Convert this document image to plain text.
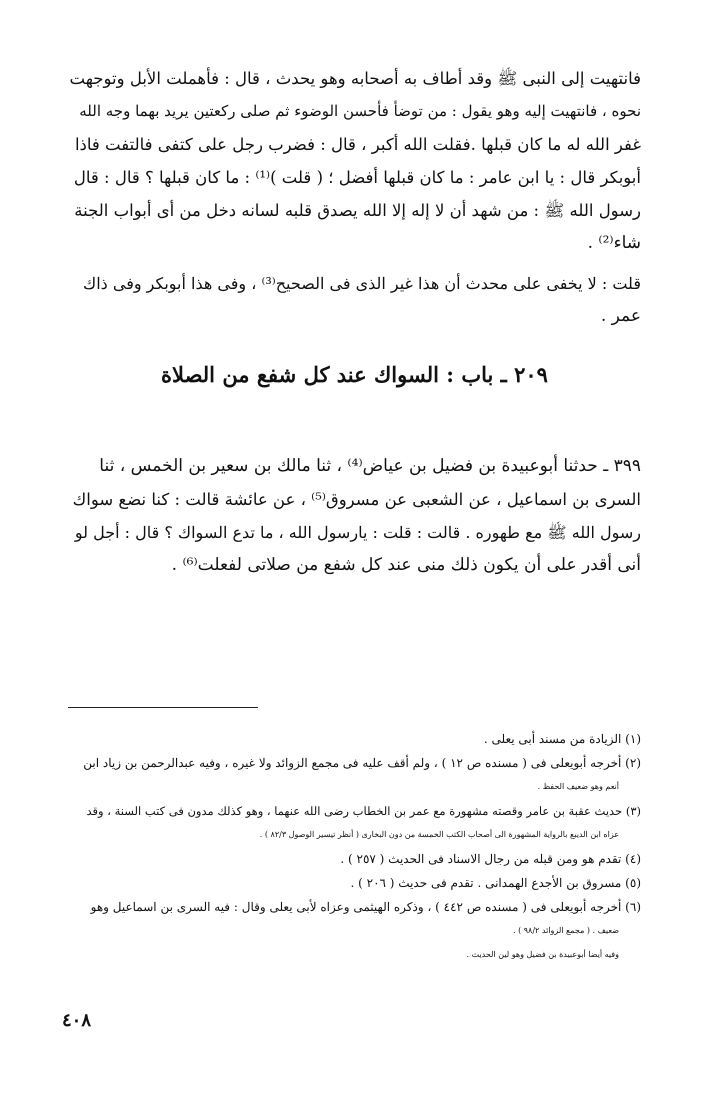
فانتهيت إلى النبى ﷺ وقد أطاف به أصحابه وهو يحدث ، قال : فأهملت الأبل وتوجهت

نحوه ، فانتهيت إليه وهو يقول : من توضأ فأحسن الوضوء ثم صلى ركعتين يريد بهما وجه الله

غفر الله له ما كان قبلها .فقلت الله أكبر ، قال : فضرب رجل على كتفى فالتفت فاذا

أبوبكر قال : يا ابن عامر : ما كان قبلها أفضل ؛ ( قلت )⁽¹⁾ : ما كان قبلها ؟ قال : قال

رسول الله ﷺ : من شهد أن لا إله إلا الله يصدق قلبه لسانه دخل من أى أبواب الجنة

شاء⁽²⁾ .

قلت : لا يخفى على محدث أن هذا غير الذى فى الصحيح⁽³⁾ ، وفى هذا أبوبكر وفى ذاك

عمر .

٢٠٩ ـ باب : السواك عند كل شفع من الصلاة

٣٩٩ ـ حدثنا أبوعبيدة بن فضيل بن عياض⁽⁴⁾ ، ثنا مالك بن سعير بن الخمس ، ثنا

السرى بن اسماعيل ، عن الشعبى عن مسروق⁽⁵⁾ ، عن عائشة قالت : كنا نضع سواك

رسول الله ﷺ مع طهوره . قالت : قلت : يارسول الله ، ما تدع السواك ؟ قال : أجل لو

أنى أقدر على أن يكون ذلك منى عند كل شفع من صلاتى لفعلت⁽⁶⁾ .

(١) الزيادة من مسند أبى يعلى .

(٢) أخرجه أبويعلى فى ( مسنده ص ١٢ ) ، ولم أقف عليه فى مجمع الزوائد ولا غيره ، وفيه عبدالرحمن بن زياد ابن

أنعم وهو ضعيف الحفظ .

(٣) حديث عقبة بن عامر وقصته مشهورة مع عمر بن الخطاب رضى الله عنهما ، وهو كذلك مدون فى كتب السنة ، وقد

عزاه ابن الديبع بالرواية المشهورة الى أصحاب الكتب الخمسة من دون البخارى ( أنظر تيسير الوصول ٨٢/٣ ) .

(٤) تقدم هو ومن قبله من رجال الاسناد فى الحديث ( ٢٥٧ ) .

(٥) مسروق بن الأجدع الهمدانى . تقدم فى حديث ( ٢٠٦ ) .

(٦) أخرجه أبويعلى فى ( مسنده ص ٤٤٢ ) ، وذكره الهيثمى وعزاه لأبى يعلى وقال : فيه السرى بن اسماعيل وهو

ضعيف . ( مجمع الزوائد ٩٨/٢ ) .

وفيه أيضا أبوعبيدة بن فضيل وهو لين الحديث .

٤٠٨
